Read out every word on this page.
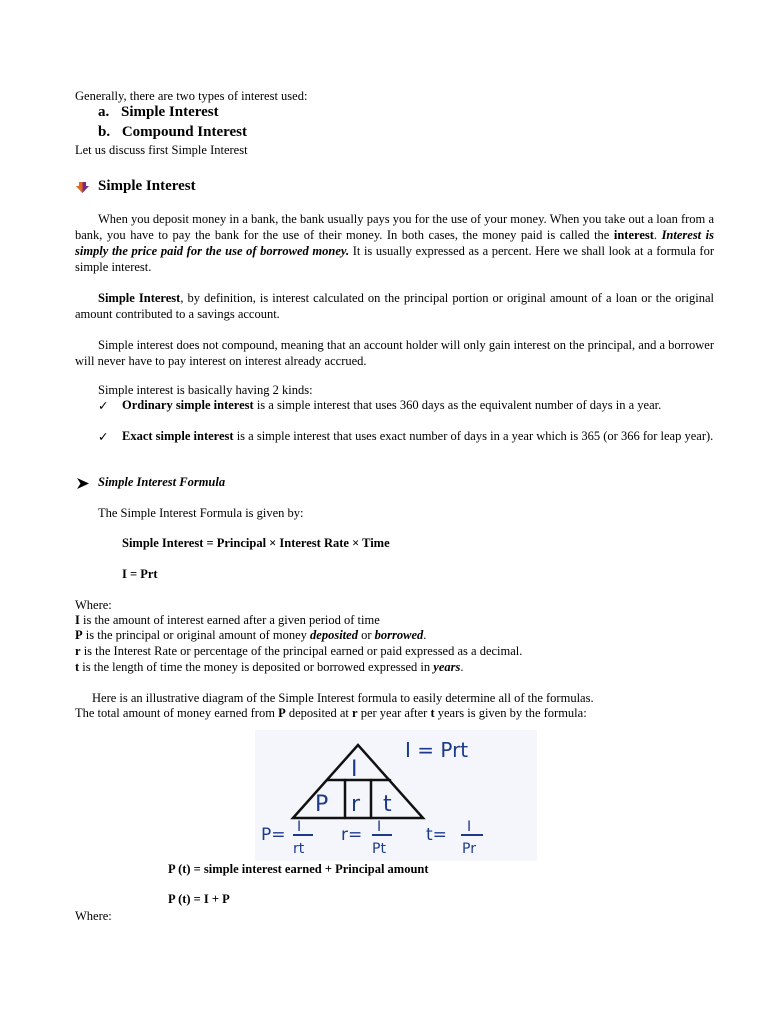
Generally, there are two types of interest used:
a. Simple Interest
b. Compound Interest
Let us discuss first Simple Interest
Simple Interest
When you deposit money in a bank, the bank usually pays you for the use of your money. When you take out a loan from a bank, you have to pay the bank for the use of their money. In both cases, the money paid is called the interest. Interest is simply the price paid for the use of borrowed money. It is usually expressed as a percent. Here we shall look at a formula for simple interest.
Simple Interest, by definition, is interest calculated on the principal portion or original amount of a loan or the original amount contributed to a savings account.
Simple interest does not compound, meaning that an account holder will only gain interest on the principal, and a borrower will never have to pay interest on interest already accrued.
Simple interest is basically having 2 kinds:
✓ Ordinary simple interest is a simple interest that uses 360 days as the equivalent number of days in a year.
✓ Exact simple interest is a simple interest that uses exact number of days in a year which is 365 (or 366 for leap year).
Simple Interest Formula
The Simple Interest Formula is given by:
Simple Interest = Principal × Interest Rate × Time
I = Prt
Where:
I is the amount of interest earned after a given period of time
P is the principal or original amount of money deposited or borrowed.
r is the Interest Rate or percentage of the principal earned or paid expressed as a decimal.
t is the length of time the money is deposited or borrowed expressed in years.
Here is an illustrative diagram of the Simple Interest formula to easily determine all of the formulas.
The total amount of money earned from P deposited at r per year after t years is given by the formula:
I
P r t
I = Prt
P= I
rt
r= I
Pt
t= I
Pr
P (t) = simple interest earned + Principal amount
P (t) = I + P
Where:
